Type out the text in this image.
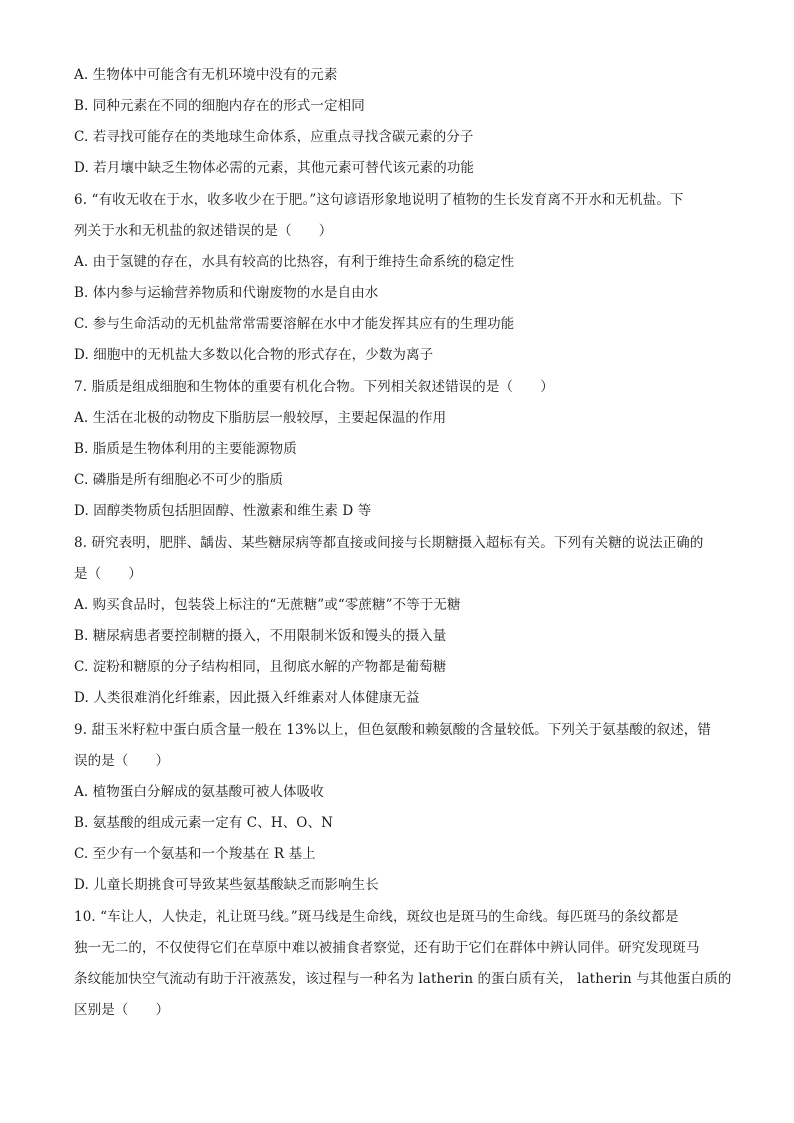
A. 生物体中可能含有无机环境中没有的元素
B. 同种元素在不同的细胞内存在的形式一定相同
C. 若寻找可能存在的类地球生命体系，应重点寻找含碳元素的分子
D. 若月壤中缺乏生物体必需的元素，其他元素可替代该元素的功能
6. “有收无收在于水，收多收少在于肥。”这句谚语形象地说明了植物的生长发育离不开水和无机盐。下
列关于水和无机盐的叙述错误的是（　　）
A. 由于氢键的存在，水具有较高的比热容，有利于维持生命系统的稳定性
B. 体内参与运输营养物质和代谢废物的水是自由水
C. 参与生命活动的无机盐常常需要溶解在水中才能发挥其应有的生理功能
D. 细胞中的无机盐大多数以化合物的形式存在，少数为离子
7. 脂质是组成细胞和生物体的重要有机化合物。下列相关叙述错误的是（　　）
A. 生活在北极的动物皮下脂肪层一般较厚，主要起保温的作用
B. 脂质是生物体利用的主要能源物质
C. 磷脂是所有细胞必不可少的脂质
D. 固醇类物质包括胆固醇、性激素和维生素 D 等
8. 研究表明，肥胖、龋齿、某些糖尿病等都直接或间接与长期糖摄入超标有关。下列有关糖的说法正确的
是（　　）
A. 购买食品时，包装袋上标注的“无蔗糖”或“零蔗糖”不等于无糖
B. 糖尿病患者要控制糖的摄入，不用限制米饭和馒头的摄入量
C. 淀粉和糖原的分子结构相同，且彻底水解的产物都是葡萄糖
D. 人类很难消化纤维素，因此摄入纤维素对人体健康无益
9. 甜玉米籽粒中蛋白质含量一般在 13%以上，但色氨酸和赖氨酸的含量较低。下列关于氨基酸的叙述，错
误的是（　　）
A. 植物蛋白分解成的氨基酸可被人体吸收
B. 氨基酸的组成元素一定有 C、H、O、N
C. 至少有一个氨基和一个羧基在 R 基上
D. 儿童长期挑食可导致某些氨基酸缺乏而影响生长
10. “车让人，人快走，礼让斑马线。”斑马线是生命线，斑纹也是斑马的生命线。每匹斑马的条纹都是
独一无二的，不仅使得它们在草原中难以被捕食者察觉，还有助于它们在群体中辨认同伴。研究发现斑马
条纹能加快空气流动有助于汗液蒸发，该过程与一种名为 latherin 的蛋白质有关， latherin 与其他蛋白质的
区别是（　　）
